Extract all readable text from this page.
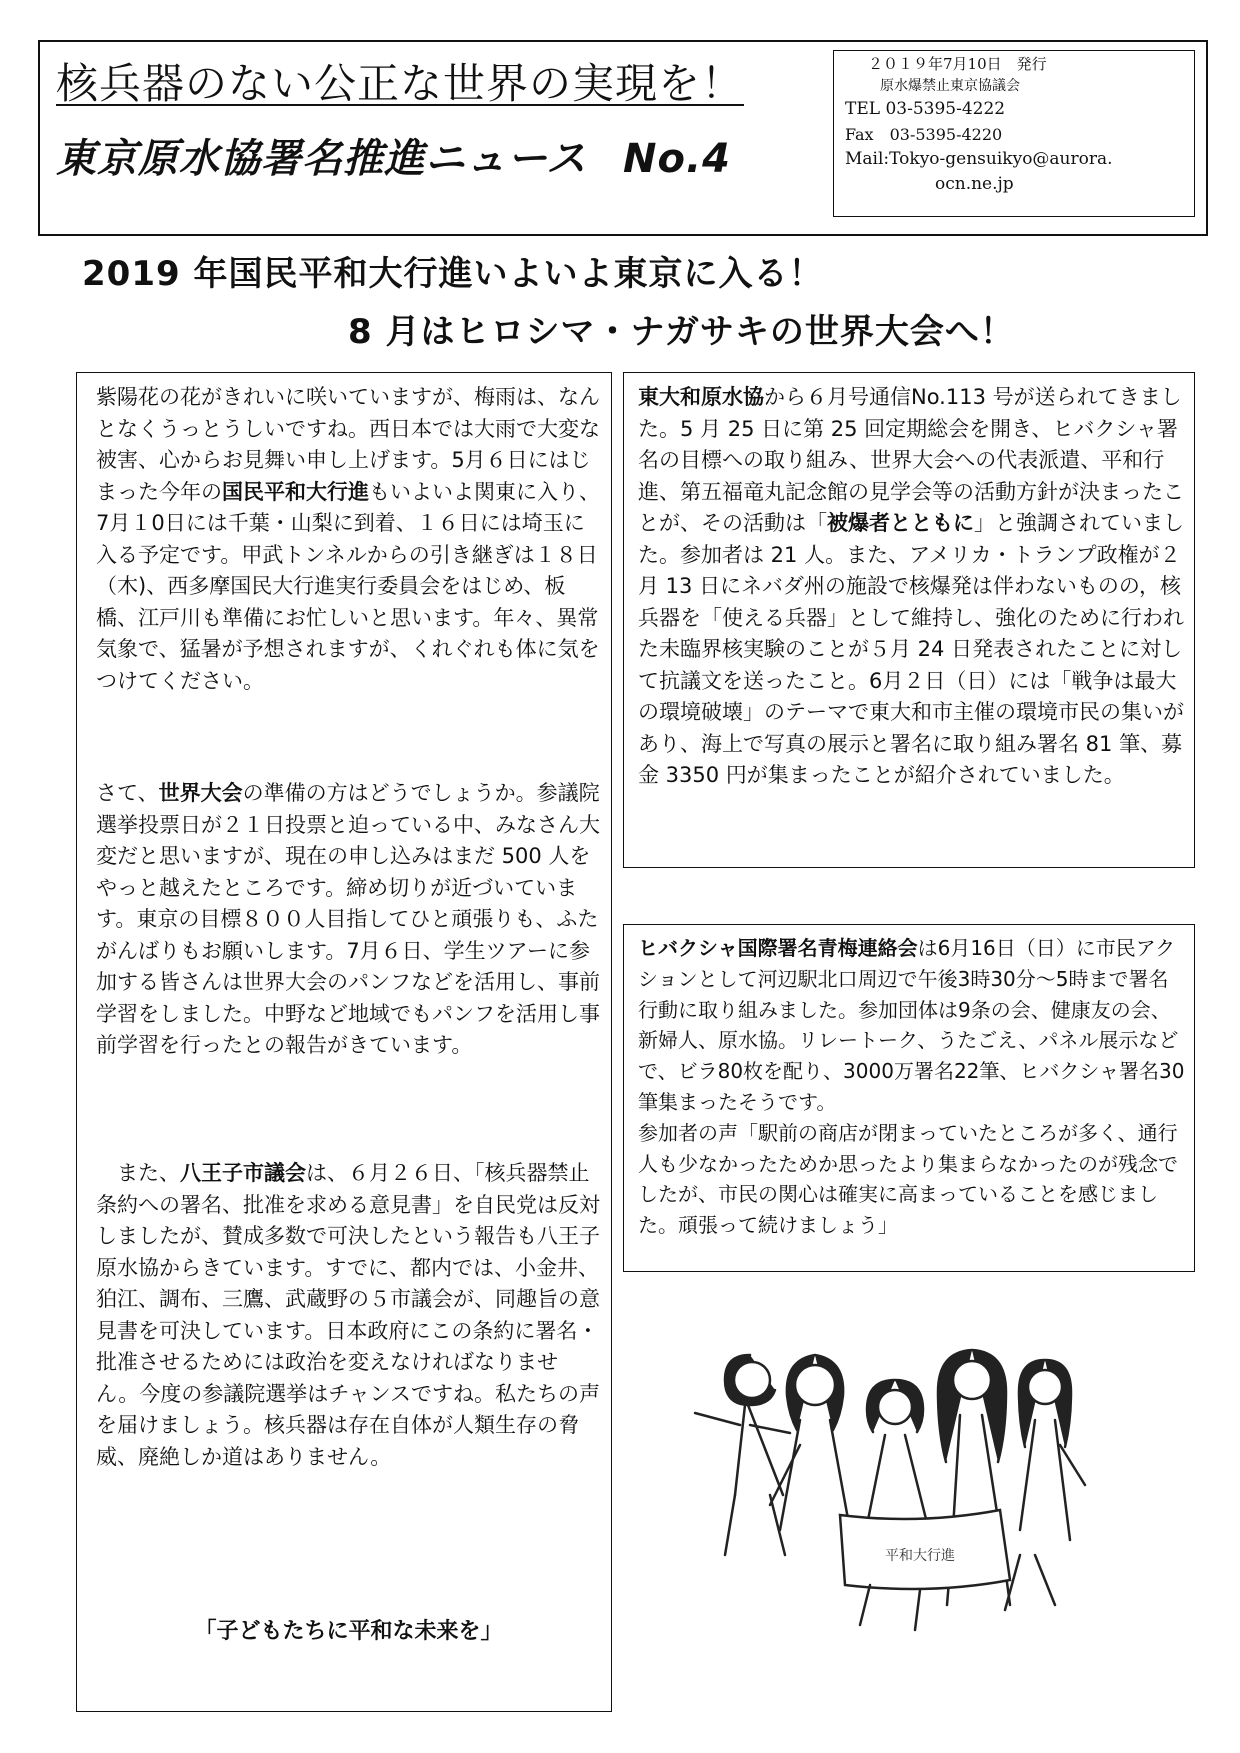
核兵器のない公正な世界の実現を！
東京原水協署名推進ニュース No.4
２０１９年7月10日　発行
原水爆禁止東京協議会
TEL 03-5395-4222
Fax　03-5395-4220
Mail:Tokyo-gensuikyo@aurora.
ocn.ne.jp
2019 年国民平和大行進いよいよ東京に入る！
8 月はヒロシマ・ナガサキの世界大会へ！

紫陽花の花がきれいに咲いていますが、梅雨は、なんとなくうっとうしいですね。西日本では大雨で大変な被害、心からお見舞い申し上げます。5月６日にはじまった今年の国民平和大行進もいよいよ関東に入り、7月１0日には千葉・山梨に到着、１６日には埼玉に入る予定です。甲武トンネルからの引き継ぎは１８日（木)、西多摩国民大行進実行委員会をはじめ、板橋、江戸川も準備にお忙しいと思います。年々、異常気象で、猛暑が予想されますが、くれぐれも体に気をつけてください。

さて、世界大会の準備の方はどうでしょうか。参議院選挙投票日が２１日投票と迫っている中、みなさん大変だと思いますが、現在の申し込みはまだ 500 人をやっと越えたところです。締め切りが近づいています。東京の目標８００人目指してひと頑張りも、ふたがんばりもお願いします。7月６日、学生ツアーに参加する皆さんは世界大会のパンフなどを活用し、事前学習をしました。中野など地域でもパンフを活用し事前学習を行ったとの報告がきています。

また、八王子市議会は、６月２６日、「核兵器禁止条約への署名、批准を求める意見書」を自民党は反対しましたが、賛成多数で可決したという報告も八王子原水協からきています。すでに、都内では、小金井、狛江、調布、三鷹、武蔵野の５市議会が、同趣旨の意見書を可決しています。日本政府にこの条約に署名・批准させるためには政治を変えなければなりません。今度の参議院選挙はチャンスですね。私たちの声を届けましょう。核兵器は存在自体が人類生存の脅威、廃絶しか道はありません。

「子どもたちに平和な未来を」

東大和原水協から６月号通信No.113 号が送られてきました。5 月 25 日に第 25 回定期総会を開き、ヒバクシャ署名の目標への取り組み、世界大会への代表派遣、平和行進、第五福竜丸記念館の見学会等の活動方針が決まったことが、その活動は「被爆者とともに」と強調されていました。参加者は 21 人。また、アメリカ・トランプ政権が２月 13 日にネバダ州の施設で核爆発は伴わないものの，核兵器を「使える兵器」として維持し、強化のために行われた未臨界核実験のことが５月 24 日発表されたことに対して抗議文を送ったこと。6月２日（日）には「戦争は最大の環境破壊」のテーマで東大和市主催の環境市民の集いがあり、海上で写真の展示と署名に取り組み署名 81 筆、募金 3350 円が集まったことが紹介されていました。

ヒバクシャ国際署名青梅連絡会は6月16日（日）に市民アクションとして河辺駅北口周辺で午後3時30分～5時まで署名行動に取り組みました。参加団体は9条の会、健康友の会、新婦人、原水協。リレートーク、うたごえ、パネル展示などで、ビラ80枚を配り、3000万署名22筆、ヒバクシャ署名30筆集まったそうです。
参加者の声「駅前の商店が閉まっていたところが多く、通行人も少なかったためか思ったより集まらなかったのが残念でしたが、市民の関心は確実に高まっていることを感じました。頑張って続けましょう」

平和大行進
